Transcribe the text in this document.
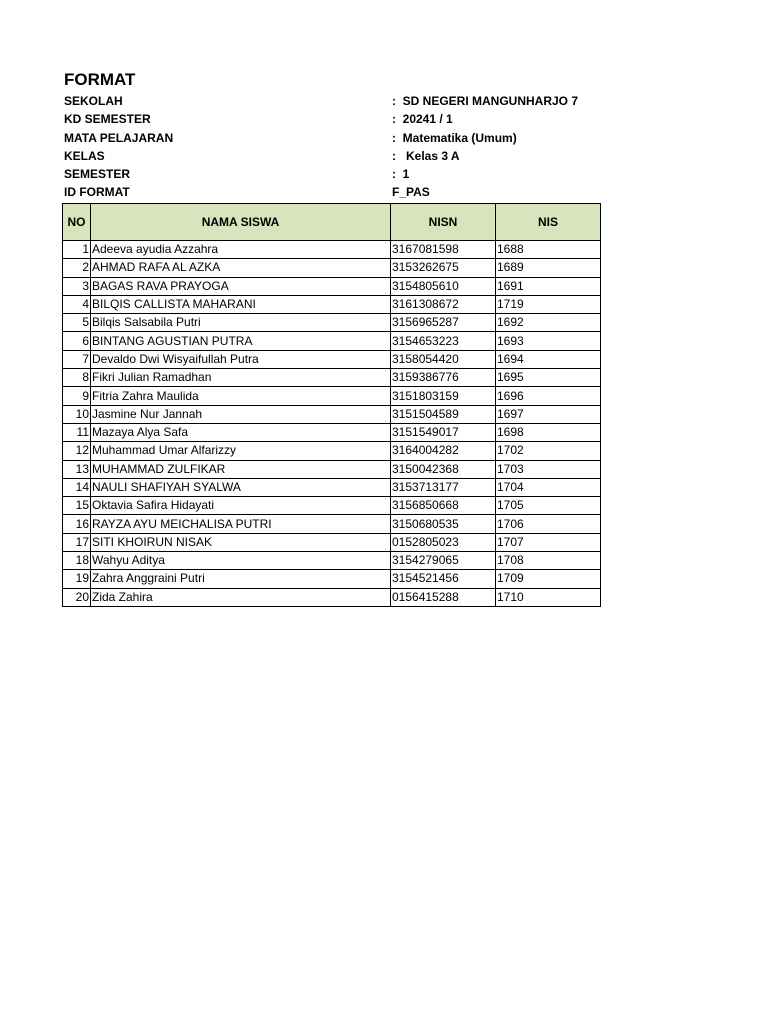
FORMAT
SEKOLAH	:  SD NEGERI MANGUNHARJO 7
KD SEMESTER	:  20241 / 1
MATA PELAJARAN	:  Matematika (Umum)
KELAS	:   Kelas 3 A
SEMESTER	:  1
ID FORMAT	F_PAS
NO	NAMA SISWA	NISN	NIS
1	Adeeva ayudia Azzahra	3167081598	1688
2	AHMAD RAFA AL AZKA	3153262675	1689
3	BAGAS RAVA PRAYOGA	3154805610	1691
4	BILQIS CALLISTA MAHARANI	3161308672	1719
5	Bilqis Salsabila Putri	3156965287	1692
6	BINTANG AGUSTIAN PUTRA	3154653223	1693
7	Devaldo Dwi Wisyaifullah Putra	3158054420	1694
8	Fikri Julian Ramadhan	3159386776	1695
9	Fitria Zahra Maulida	3151803159	1696
10	Jasmine Nur Jannah	3151504589	1697
11	Mazaya Alya Safa	3151549017	1698
12	Muhammad Umar Alfarizzy	3164004282	1702
13	MUHAMMAD ZULFIKAR	3150042368	1703
14	NAULI SHAFIYAH SYALWA	3153713177	1704
15	Oktavia Safira Hidayati	3156850668	1705
16	RAYZA AYU MEICHALISA PUTRI	3150680535	1706
17	SITI KHOIRUN NISAK	0152805023	1707
18	Wahyu Aditya	3154279065	1708
19	Zahra Anggraini Putri	3154521456	1709
20	Zida Zahira	0156415288	1710
